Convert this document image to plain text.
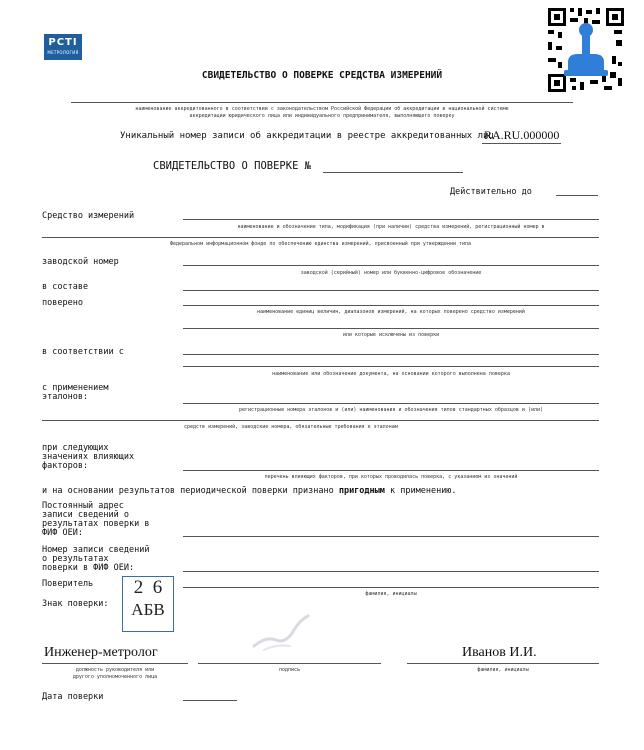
PCTI
МЕТРОЛОГИЯ
СВИДЕТЕЛЬСТВО О ПОВЕРКЕ СРЕДСТВА ИЗМЕРЕНИЙ
наименование аккредитованного в соответствии с законодательством Российской Федерации об аккредитации в национальной системе
аккредитации юридического лица или индивидуального предпринимателя, выполняющего поверку
Уникальный номер записи об аккредитации в реестре аккредитованных лиц
RA.RU.000000
СВИДЕТЕЛЬСТВО О ПОВЕРКЕ №
Действительно до
Средство измерений
наименование и обозначение типа, модификация (при наличии) средства измерений, регистрационный номер в
Федеральном информационном фонде по обеспечению единства измерений, присвоенный при утверждении типа
заводской номер
заводской (серийный) номер или буквенно-цифровое обозначение
в составе
поверено
наименование единиц величин, диапазонов измерений, на которых поверено средство измерений
или которые исключены из поверки
в соответствии с
наименование или обозначение документа, на основании которого выполнена поверка
с применением
эталонов:
регистрационные номера эталонов и (или) наименования и обозначения типов стандартных образцов и (или)
средств измерений, заводские номера, обязательные требования к эталонам
при следующих
значениях влияющих
факторов:
перечень влияющих факторов, при которых проводилась поверка, с указанием их значений
и на основании результатов периодической поверки признано пригодным к применению.
Постоянный адрес
записи сведений о
результатах поверки в
ФИФ ОЕИ:
Номер записи сведений
о результатах
поверки в ФИФ ОЕИ:
Поверитель
фамилия, инициалы
Знак поверки:
2  6
АБВ
Инженер-метролог
должность руководителя или
другого уполномоченного лица
подпись
Иванов И.И.
фамилия, инициалы
Дата поверки
